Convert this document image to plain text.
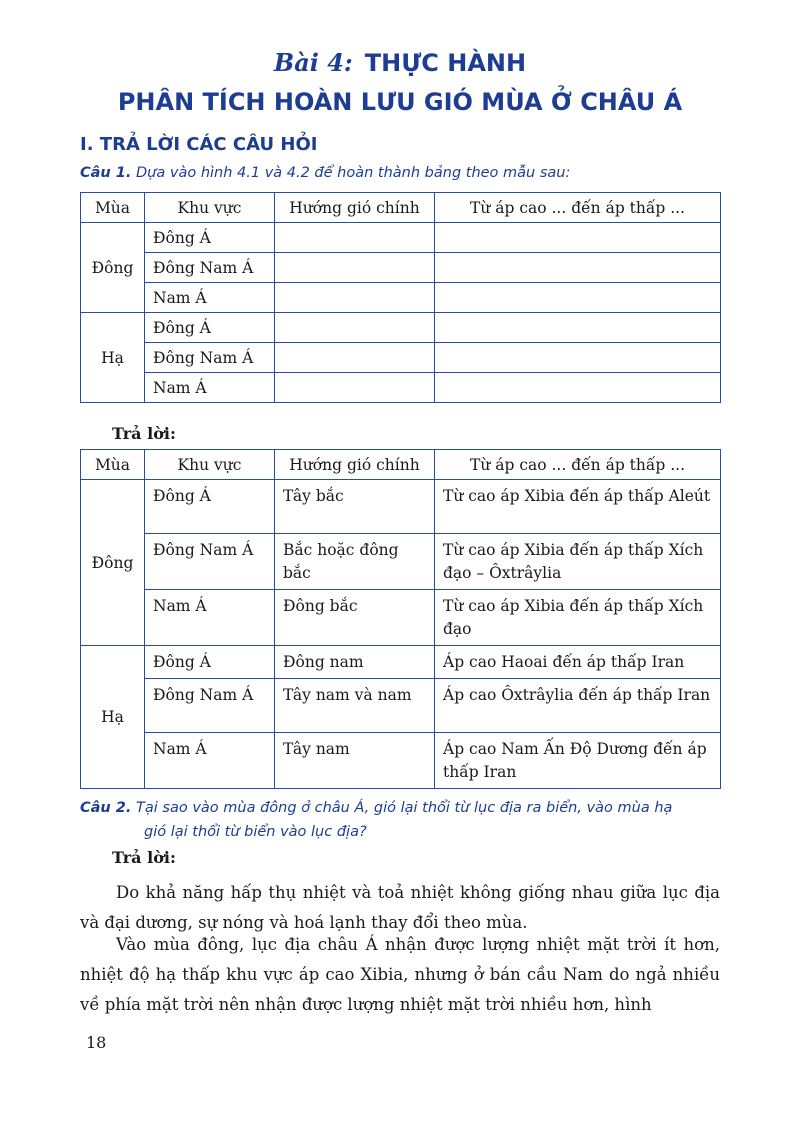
Bài 4: THỰC HÀNH
PHÂN TÍCH HOÀN LƯU GIÓ MÙA Ở CHÂU Á
I. TRẢ LỜI CÁC CÂU HỎI
Câu 1. Dựa vào hình 4.1 và 4.2 để hoàn thành bảng theo mẫu sau:
Mùa	Khu vực	Hướng gió chính	Từ áp cao ... đến áp thấp ...
Đông	Đông Á		
	Đông Nam Á		
	Nam Á		
Hạ	Đông Á		
	Đông Nam Á		
	Nam Á		
Trả lời:
Mùa	Khu vực	Hướng gió chính	Từ áp cao ... đến áp thấp ...
Đông	Đông Á	Tây bắc	Từ cao áp Xibia đến áp thấp Aleút
	Đông Nam Á	Bắc hoặc đông bắc	Từ cao áp Xibia đến áp thấp Xích đạo – Ôxtrâylia
	Nam Á	Đông bắc	Từ cao áp Xibia đến áp thấp Xích đạo
Hạ	Đông Á	Đông nam	Áp cao Haoai đến áp thấp Iran
	Đông Nam Á	Tây nam và nam	Áp cao Ôxtrâylia đến áp thấp Iran
	Nam Á	Tây nam	Áp cao Nam Ấn Độ Dương đến áp thấp Iran
Câu 2. Tại sao vào mùa đông ở châu Á, gió lại thổi từ lục địa ra biển, vào mùa hạ
gió lại thổi từ biển vào lục địa?
Trả lời:
Do khả năng hấp thụ nhiệt và toả nhiệt không giống nhau giữa lục địa và đại dương, sự nóng và hoá lạnh thay đổi theo mùa.
Vào mùa đông, lục địa châu Á nhận được lượng nhiệt mặt trời ít hơn, nhiệt độ hạ thấp khu vực áp cao Xibia, nhưng ở bán cầu Nam do ngả nhiều về phía mặt trời nên nhận được lượng nhiệt mặt trời nhiều hơn, hình
18
